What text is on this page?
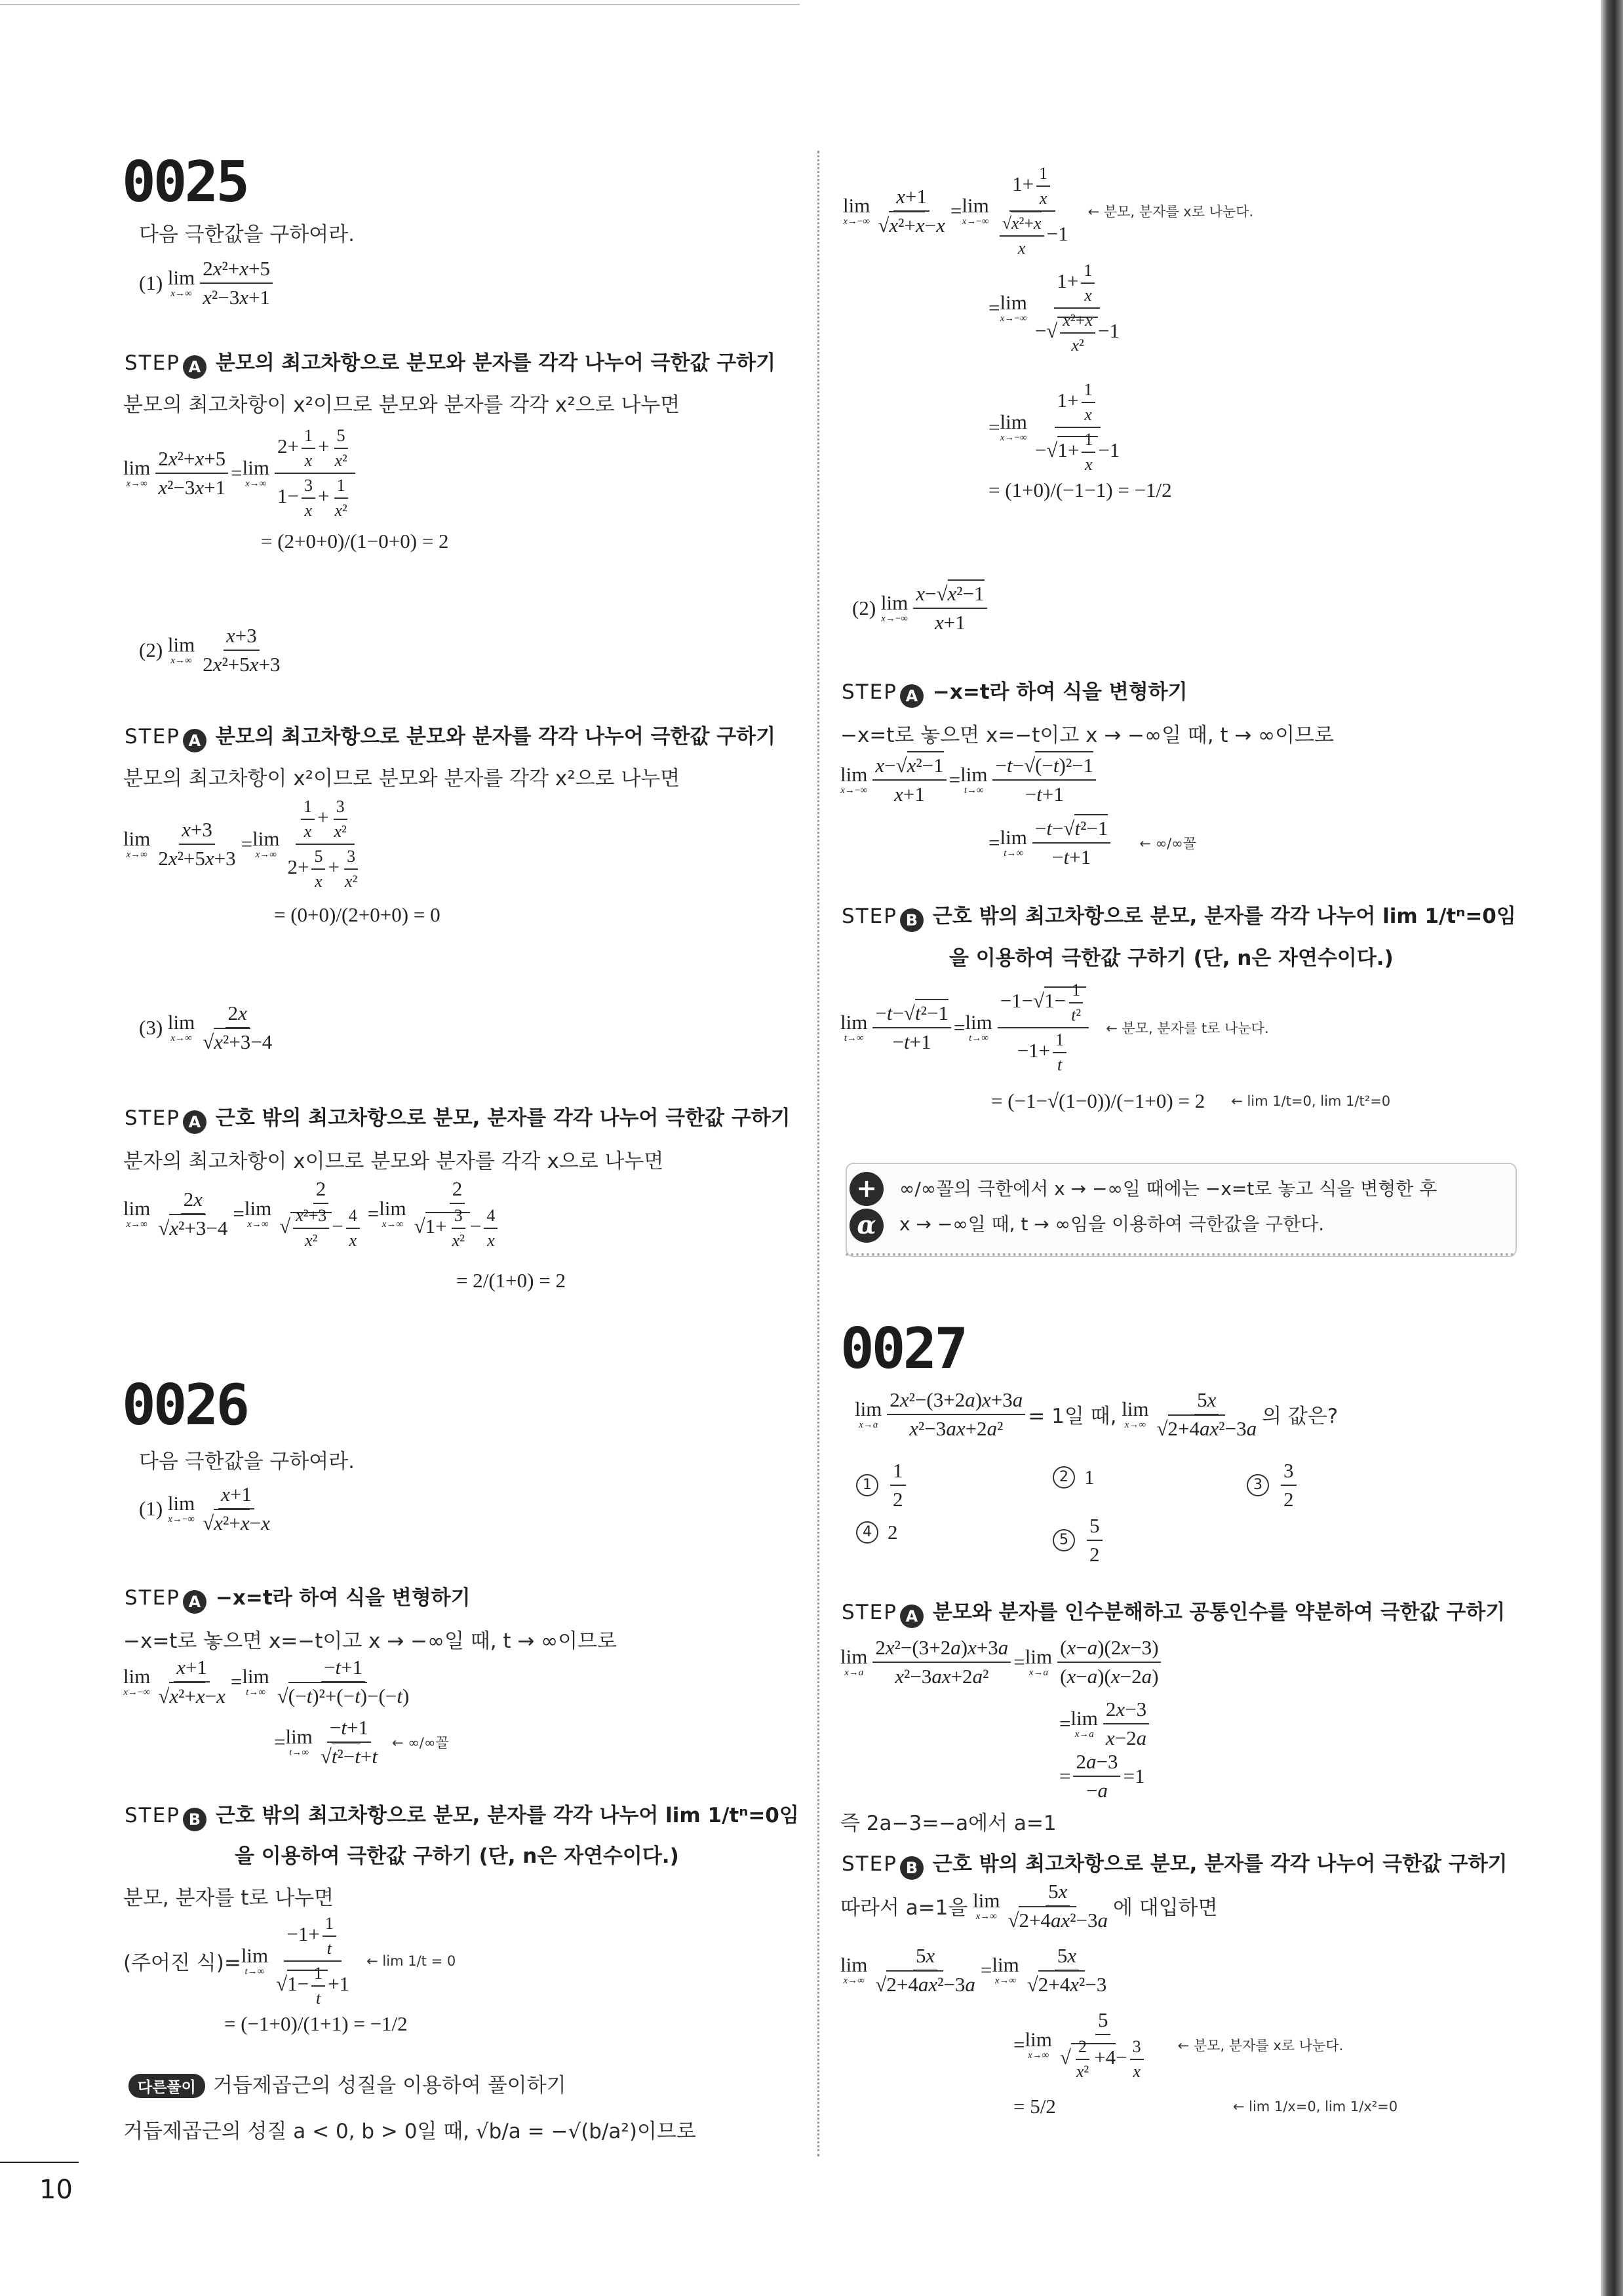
0025
다음 극한값을 구하여라.
(1)
lim
$x\to\infty \frac{\text{2x²+x+5}}{\text{x²−3x+1}}$
STEP A 분모의 최고차항으로 분모와 분자를 각각 나누어 극한값 구하기
분모의 최고차항이 x²이므로 분모와 분자를 각각 x²으로 나누면
lim
$x\to\infty \frac{\text{2x²+x+5}}{\text{x²−3x+1}} = \lim$
$x\to\infty \frac{2+ \frac{1}{x} + \frac{5}{\text{x²}}}{1- \frac{3}{x} + \frac{1}{\text{x²}}}$
= (2+0+0)/(1−0+0) = 2
(2)
lim
$x\to\infty \frac{x+3}{\text{2x²+5x+3}}$
STEP A 분모의 최고차항으로 분모와 분자를 각각 나누어 극한값 구하기
분모의 최고차항이 x²이므로 분모와 분자를 각각 x²으로 나누면
lim
$x\to\infty \frac{x+3}{\text{2x²+5x+3}} = \lim$
$x\to\infty \frac{\frac{1}{x} + \frac{3}{\text{x²}}}{2+ \frac{5}{x} + \frac{3}{\text{x²}}}$
= (0+0)/(2+0+0) = 0
(3)
lim
$x\to\infty \frac{2x}{\text{√x²+3−4}}$
STEP A 근호 밖의 최고차항으로 분모, 분자를 각각 나누어 극한값 구하기
분자의 최고차항이 x이므로 분모와 분자를 각각 x으로 나누면
lim
$x\to\infty \frac{2x}{\text{√x²+3−4}} = \lim$
$x\to\infty \frac{2}{√ \frac{\text{x²+3}}{\text{x²}} - \frac{4}{x}} = \lim$
$x\to\infty \frac{2}{√1+ \frac{3}{\text{x²}} - \frac{4}{x}}$
= 2/(1+0) = 2
0026
다음 극한값을 구하여라.
(1)
lim
$x\to-\infty \frac{x+1}{\text{√x²+x−x}}$
STEP A −x=t라 하여 식을 변형하기
−x=t로 놓으면 x=−t이고 x → −∞일 때, t → ∞이므로
lim
$x\to-\infty \frac{x+1}{\text{√x²+x−x}} = \lim$
$t\to\infty \frac{-t+1}{\text{√(−t)²+(−t)−(−t)}}$
= lim
$t\to\infty \frac{-t+1}{\text{√t²−t+t}}$ ← ∞/∞꼴
STEP B 근호 밖의 최고차항으로 분모, 분자를 각각 나누어 lim 1/tⁿ=0임
을 이용하여 극한값 구하기 (단, n은 자연수이다.)
분모, 분자를 t로 나누면
(주어진 식)= lim
$t\to\infty \frac{-1+ \frac{1}{t}}{√1- \frac{1}{t} +1}$ ← lim 1/t = 0
= (−1+0)/(1+1) = −1/2
다른풀이 거듭제곱근의 성질을 이용하여 풀이하기
거듭제곱근의 성질 a < 0, b > 0일 때, √b/a = −√(b/a²)이므로
10
lim
$x\to-\infty \frac{x+1}{\text{√x²+x−x}} = \lim$
$x\to-\infty \frac{1+ \frac{1}{x}}{\frac{\text{√x²+x}}{x} -1}$ ← 분모, 분자를 x로 나눈다.
= lim
$x\to-\infty \frac{1+ \frac{1}{x}}{-√ \frac{\text{x²+x}}{\text{x²}} -1}$
= lim
$x\to-\infty \frac{1+ \frac{1}{x}}{-√1+ \frac{1}{x} -1}$
= (1+0)/(−1−1) = −1/2
(2)
lim
$x\to-\infty \frac{\text{x−√x²−1}}{x+1}$
STEP A −x=t라 하여 식을 변형하기
−x=t로 놓으면 x=−t이고 x → −∞일 때, t → ∞이므로
lim
$x\to-\infty \frac{\text{x−√x²−1}}{x+1} = \lim$
$t\to\infty \frac{\text{−t−√(−t)²−1}}{-t+1}$
= lim
$t\to\infty \frac{\text{−t−√t²−1}}{-t+1}$ ← ∞/∞꼴
STEP B 근호 밖의 최고차항으로 분모, 분자를 각각 나누어 lim 1/tⁿ=0임
을 이용하여 극한값 구하기 (단, n은 자연수이다.)
lim
$t\to\infty \frac{\text{−t−√t²−1}}{-t+1} = \lim$
$t\to\infty \frac{-1-√1- \frac{1}{\text{t²}}}{-1+ \frac{1}{t}}$ ← 분모, 분자를 t로 나눈다.
= (−1−√(1−0))/(−1+0) = 2 ← lim 1/t=0, lim 1/t²=0
+
α
∞/∞꼴의 극한에서 x → −∞일 때에는 −x=t로 놓고 식을 변형한 후
x → −∞일 때, t → ∞임을 이용하여 극한값을 구한다.
0027
lim
$x\to a \frac{\text{2x²−(3+2a)x+3a}}{\text{x²−3ax+2a²}} = 1$일 때,
lim
$x\to\infty \frac{5x}{\text{√2+4ax²−3a}}$ 의 값은?
$1 \frac{1}{2}$	2 1	$3 \frac{3}{2}$
4 2	$5 \frac{5}{2}$
STEP A 분모와 분자를 인수분해하고 공통인수를 약분하여 극한값 구하기
lim
$x\to a \frac{\text{2x²−(3+2a)x+3a}}{\text{x²−3ax+2a²}} = \lim$
$x\to a \frac{(x-a)(2x-3)}{(x-a)(x-2a)}$
= lim
$x\to a \frac{2x-3}{x-2a}$
= $\frac{2a-3}{-a} =1$
즉 2a−3=−a에서 a=1
STEP B 근호 밖의 최고차항으로 분모, 분자를 각각 나누어 극한값 구하기
따라서 a=1을
lim
$x\to\infty \frac{5x}{\text{√2+4ax²−3a}}$ 에 대입하면
lim
$x\to\infty \frac{5x}{\text{√2+4ax²−3a}} = \lim$
$x\to\infty \frac{5x}{\text{√2+4x²−3}}$
= lim
$x\to\infty \frac{5}{√ \frac{2}{\text{x²}} +4- \frac{3}{x}}$ ← 분모, 분자를 x로 나눈다.
= 5/2	← lim 1/x=0, lim 1/x²=0
